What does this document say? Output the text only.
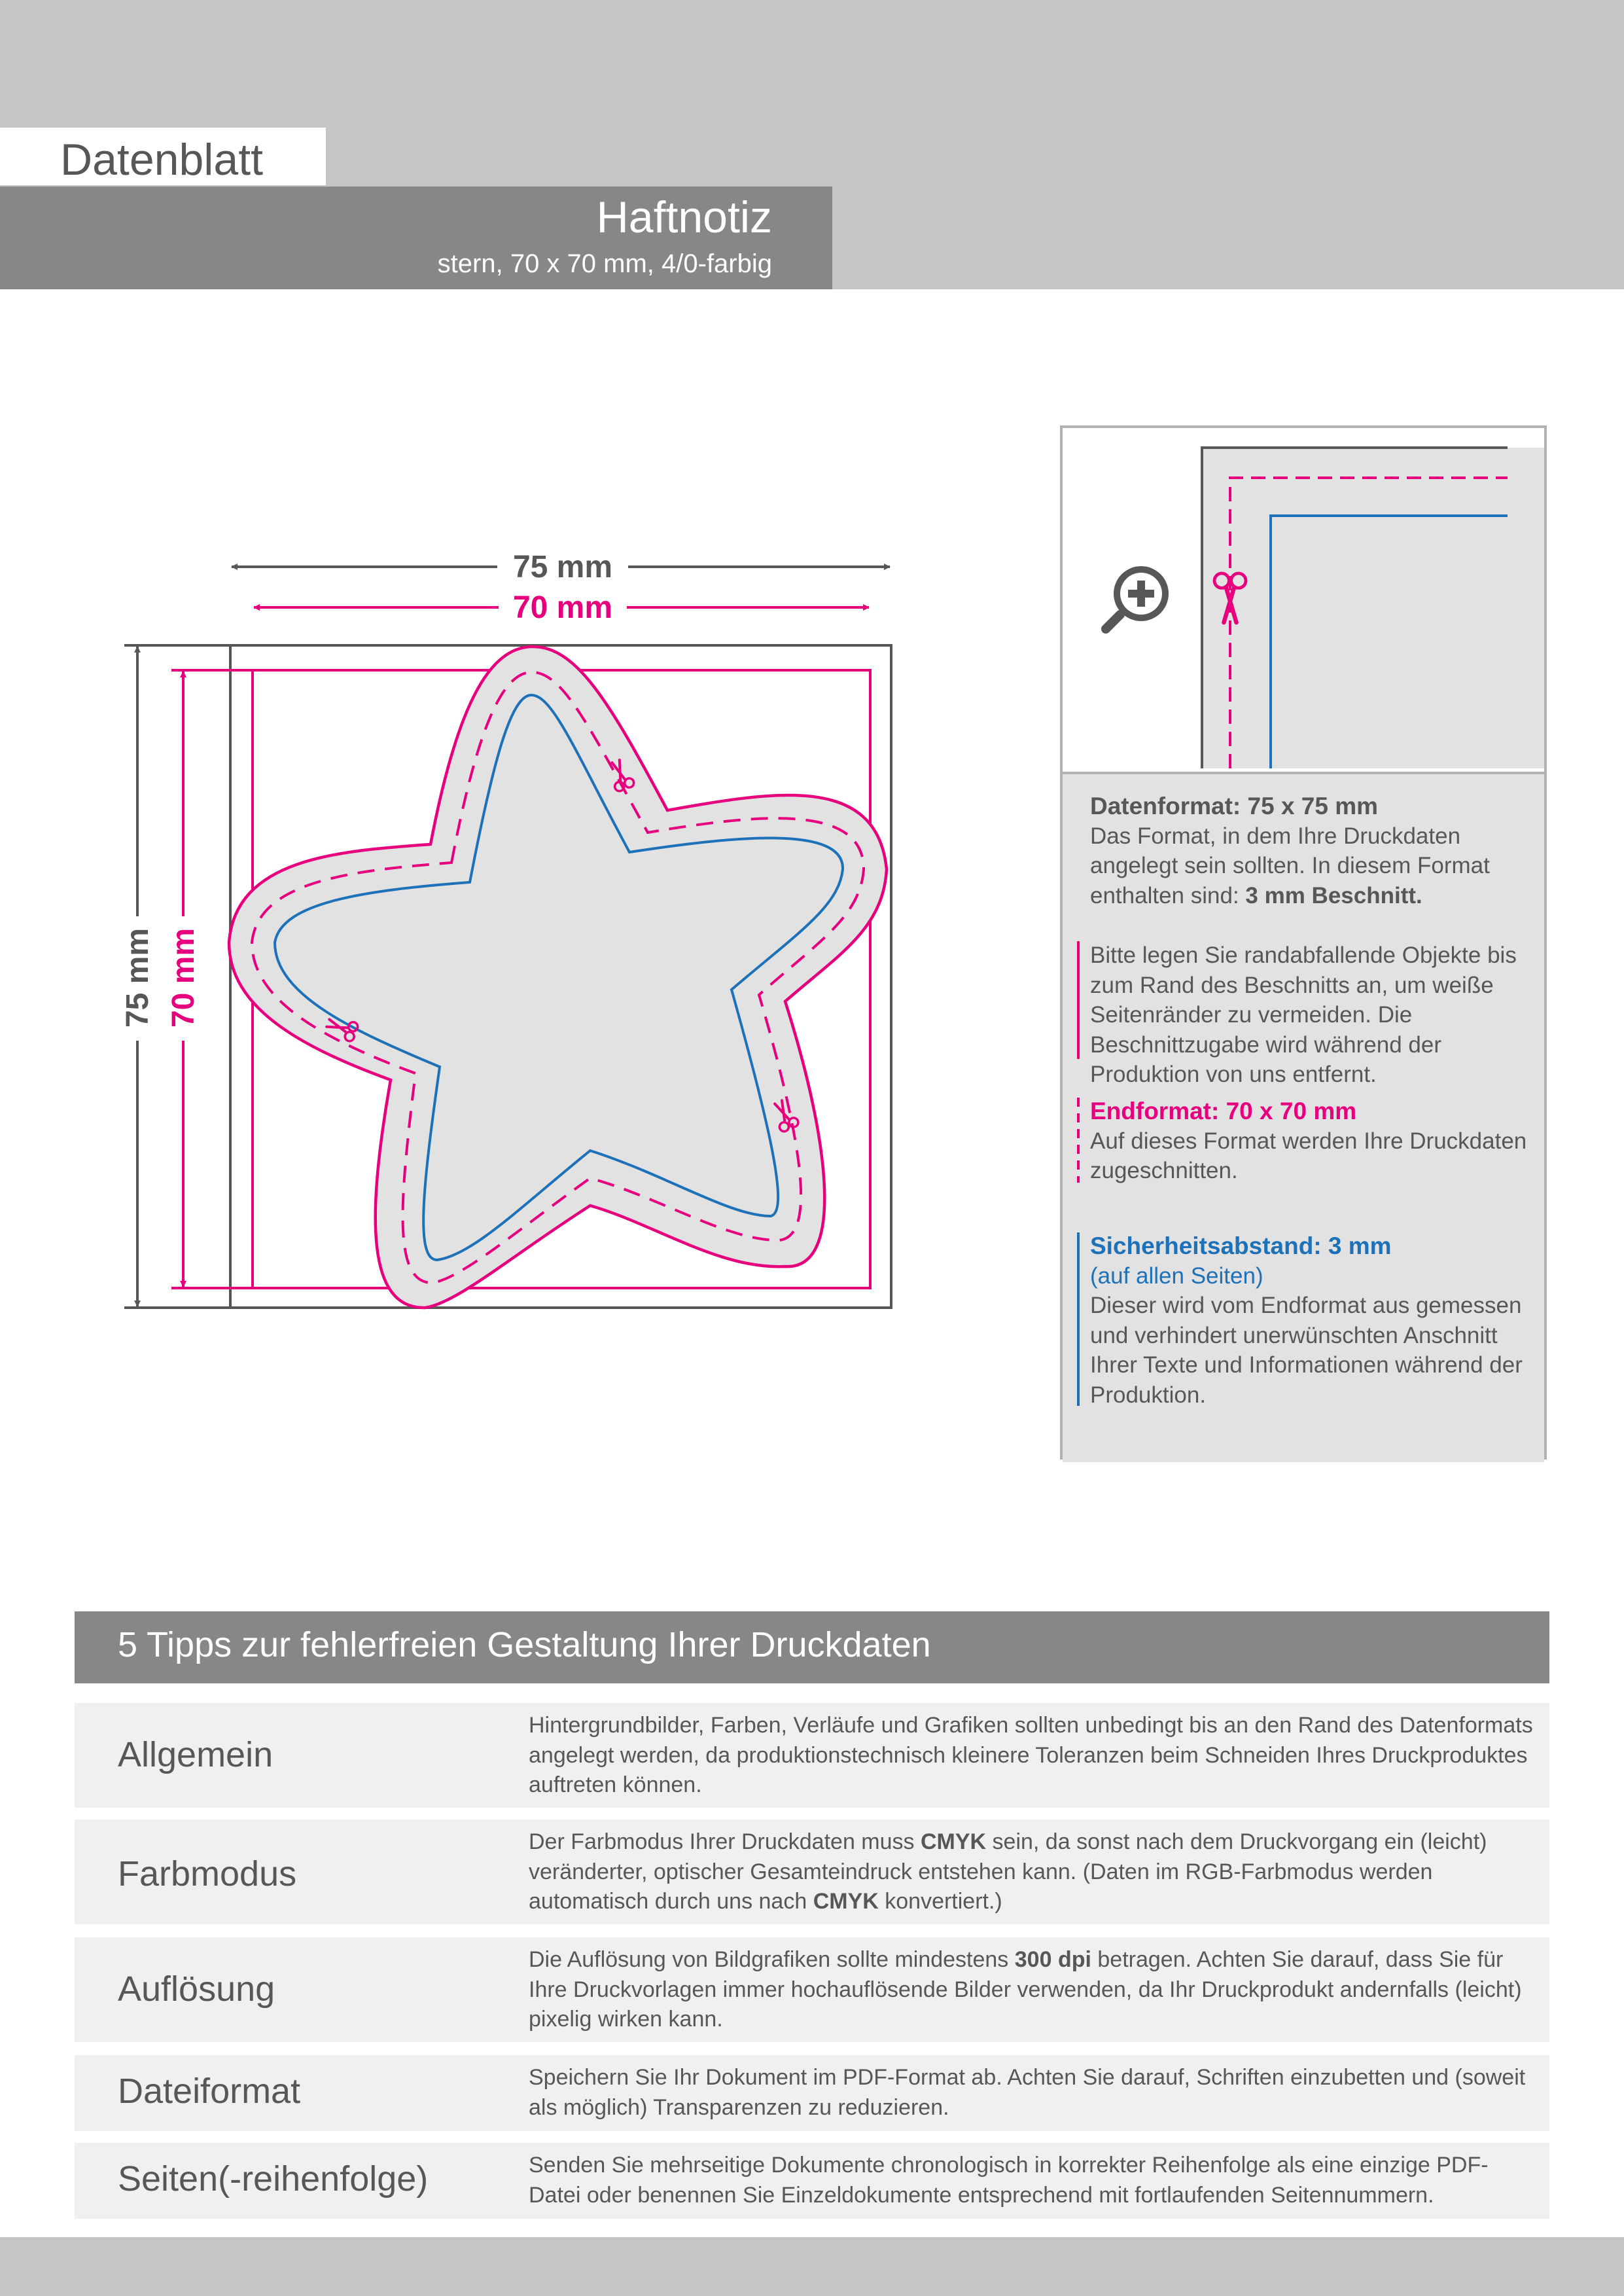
Datenblatt
Haftnotiz
stern, 70 x 70 mm, 4/0-farbig
75 mm
70 mm
75 mm 70 mm
Datenformat: 75 x 75 mm
Das Format, in dem Ihre Druckdaten angelegt sein sollten. In diesem Format enthalten sind: 3 mm Beschnitt.
Bitte legen Sie randabfallende Objekte bis zum Rand des Beschnitts an, um weiße Seitenränder zu vermeiden. Die Beschnittzugabe wird während der Produktion von uns entfernt.
Endformat: 70 x 70 mm
Auf dieses Format werden Ihre Druckdaten zugeschnitten.
Sicherheitsabstand: 3 mm
(auf allen Seiten)
Dieser wird vom Endformat aus gemessen und verhindert unerwünschten Anschnitt Ihrer Texte und Informationen während der Produktion.
5 Tipps zur fehlerfreien Gestaltung Ihrer Druckdaten
Allgemein
Hintergrundbilder, Farben, Verläufe und Grafiken sollten unbedingt bis an den Rand des Datenformats angelegt werden, da produktionstechnisch kleinere Toleranzen beim Schneiden Ihres Druckproduktes auftreten können.
Farbmodus
Der Farbmodus Ihrer Druckdaten muss CMYK sein, da sonst nach dem Druckvorgang ein (leicht) veränderter, optischer Gesamteindruck entstehen kann. (Daten im RGB-Farbmodus werden automatisch durch uns nach CMYK konvertiert.)
Auflösung
Die Auflösung von Bildgrafiken sollte mindestens 300 dpi betragen. Achten Sie darauf, dass Sie für Ihre Druckvorlagen immer hochauflösende Bilder verwenden, da Ihr Druckprodukt andernfalls (leicht) pixelig wirken kann.
Dateiformat	Speichern Sie Ihr Dokument im PDF-Format ab. Achten Sie darauf, Schriften einzubetten und (soweit als möglich) Transparenzen zu reduzieren.
Seiten(-reihenfolge)	Senden Sie mehrseitige Dokumente chronologisch in korrekter Reihenfolge als eine einzige PDF-Datei oder benennen Sie Einzeldokumente entsprechend mit fortlaufenden Seitennummern.
